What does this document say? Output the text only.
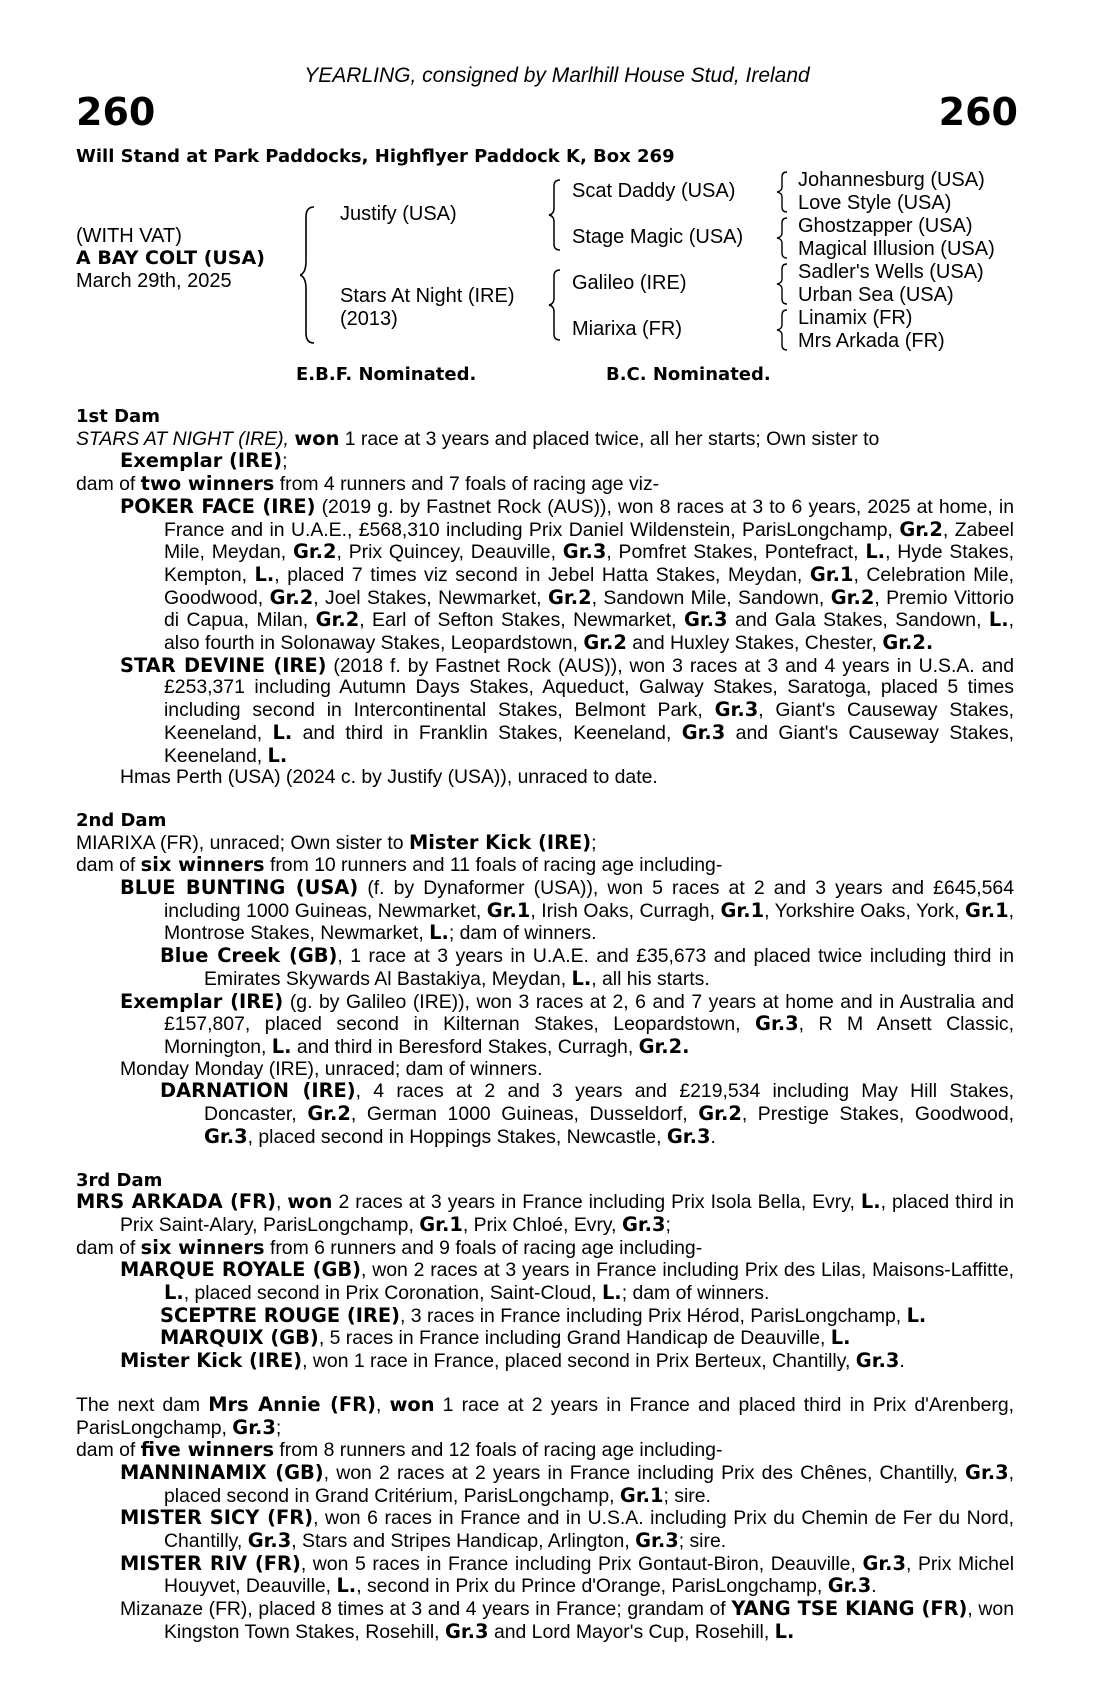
YEARLING, consigned by Marlhill House Stud, Ireland
260	260
Will Stand at Park Paddocks, Highflyer Paddock K, Box 269
(WITH VAT)
A BAY COLT (USA)
March 29th, 2025
Justify (USA)
Stars At Night (IRE)
(2013)
Scat Daddy (USA)
Stage Magic (USA)
Galileo (IRE)
Miarixa (FR)
Johannesburg (USA)
Love Style (USA)
Ghostzapper (USA)
Magical Illusion (USA)
Sadler's Wells (USA)
Urban Sea (USA)
Linamix (FR)
Mrs Arkada (FR)
E.B.F. Nominated.	B.C. Nominated.
1st Dam
STARS AT NIGHT (IRE), won 1 race at 3 years and placed twice, all her starts; Own sister to
Exemplar (IRE);
dam of two winners from 4 runners and 7 foals of racing age viz-
POKER FACE (IRE) (2019 g. by Fastnet Rock (AUS)), won 8 races at 3 to 6 years, 2025 at home, in France and in U.A.E., £568,310 including Prix Daniel Wildenstein, ParisLongchamp, Gr.2, Zabeel Mile, Meydan, Gr.2, Prix Quincey, Deauville, Gr.3, Pomfret Stakes, Pontefract, L., Hyde Stakes, Kempton, L., placed 7 times viz second in Jebel Hatta Stakes, Meydan, Gr.1, Celebration Mile, Goodwood, Gr.2, Joel Stakes, Newmarket, Gr.2, Sandown Mile, Sandown, Gr.2, Premio Vittorio di Capua, Milan, Gr.2, Earl of Sefton Stakes, Newmarket, Gr.3 and Gala Stakes, Sandown, L., also fourth in Solonaway Stakes, Leopardstown, Gr.2 and Huxley Stakes, Chester, Gr.2.
STAR DEVINE (IRE) (2018 f. by Fastnet Rock (AUS)), won 3 races at 3 and 4 years in U.S.A. and £253,371 including Autumn Days Stakes, Aqueduct, Galway Stakes, Saratoga, placed 5 times including second in Intercontinental Stakes, Belmont Park, Gr.3, Giant's Causeway Stakes, Keeneland, L. and third in Franklin Stakes, Keeneland, Gr.3 and Giant's Causeway Stakes, Keeneland, L.
Hmas Perth (USA) (2024 c. by Justify (USA)), unraced to date.
2nd Dam
MIARIXA (FR), unraced; Own sister to Mister Kick (IRE);
dam of six winners from 10 runners and 11 foals of racing age including-
BLUE BUNTING (USA) (f. by Dynaformer (USA)), won 5 races at 2 and 3 years and £645,564 including 1000 Guineas, Newmarket, Gr.1, Irish Oaks, Curragh, Gr.1, Yorkshire Oaks, York, Gr.1, Montrose Stakes, Newmarket, L.; dam of winners.
Blue Creek (GB), 1 race at 3 years in U.A.E. and £35,673 and placed twice including third in Emirates Skywards Al Bastakiya, Meydan, L., all his starts.
Exemplar (IRE) (g. by Galileo (IRE)), won 3 races at 2, 6 and 7 years at home and in Australia and £157,807, placed second in Kilternan Stakes, Leopardstown, Gr.3, R M Ansett Classic, Mornington, L. and third in Beresford Stakes, Curragh, Gr.2.
Monday Monday (IRE), unraced; dam of winners.
DARNATION (IRE), 4 races at 2 and 3 years and £219,534 including May Hill Stakes, Doncaster, Gr.2, German 1000 Guineas, Dusseldorf, Gr.2, Prestige Stakes, Goodwood, Gr.3, placed second in Hoppings Stakes, Newcastle, Gr.3.
3rd Dam
MRS ARKADA (FR), won 2 races at 3 years in France including Prix Isola Bella, Evry, L., placed third in Prix Saint-Alary, ParisLongchamp, Gr.1, Prix Chloé, Evry, Gr.3;
dam of six winners from 6 runners and 9 foals of racing age including-
MARQUE ROYALE (GB), won 2 races at 3 years in France including Prix des Lilas, Maisons-Laffitte, L., placed second in Prix Coronation, Saint-Cloud, L.; dam of winners.
SCEPTRE ROUGE (IRE), 3 races in France including Prix Hérod, ParisLongchamp, L.
MARQUIX (GB), 5 races in France including Grand Handicap de Deauville, L.
Mister Kick (IRE), won 1 race in France, placed second in Prix Berteux, Chantilly, Gr.3.
The next dam Mrs Annie (FR), won 1 race at 2 years in France and placed third in Prix d'Arenberg, ParisLongchamp, Gr.3;
dam of five winners from 8 runners and 12 foals of racing age including-
MANNINAMIX (GB), won 2 races at 2 years in France including Prix des Chênes, Chantilly, Gr.3, placed second in Grand Critérium, ParisLongchamp, Gr.1; sire.
MISTER SICY (FR), won 6 races in France and in U.S.A. including Prix du Chemin de Fer du Nord, Chantilly, Gr.3, Stars and Stripes Handicap, Arlington, Gr.3; sire.
MISTER RIV (FR), won 5 races in France including Prix Gontaut-Biron, Deauville, Gr.3, Prix Michel Houyvet, Deauville, L., second in Prix du Prince d'Orange, ParisLongchamp, Gr.3.
Mizanaze (FR), placed 8 times at 3 and 4 years in France; grandam of YANG TSE KIANG (FR), won Kingston Town Stakes, Rosehill, Gr.3 and Lord Mayor's Cup, Rosehill, L.
